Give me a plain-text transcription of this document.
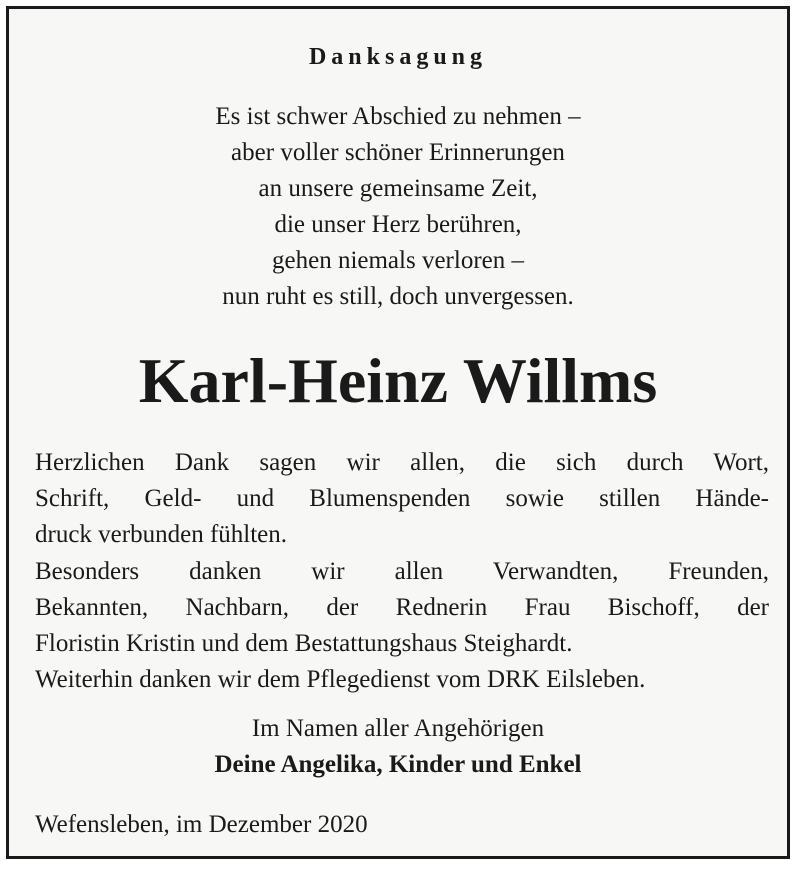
Danksagung
Es ist schwer Abschied zu nehmen –
aber voller schöner Erinnerungen
an unsere gemeinsame Zeit,
die unser Herz berühren,
gehen niemals verloren –
nun ruht es still, doch unvergessen.
Karl-Heinz Willms
Herzlichen Dank sagen wir allen, die sich durch Wort,
Schrift, Geld- und Blumenspenden sowie stillen Hände-
druck verbunden fühlten.
Besonders danken wir allen Verwandten, Freunden,
Bekannten, Nachbarn, der Rednerin Frau Bischoff, der
Floristin Kristin und dem Bestattungshaus Steighardt.
Weiterhin danken wir dem Pflegedienst vom DRK Eilsleben.
Im Namen aller Angehörigen
Deine Angelika, Kinder und Enkel
Wefensleben, im Dezember 2020
